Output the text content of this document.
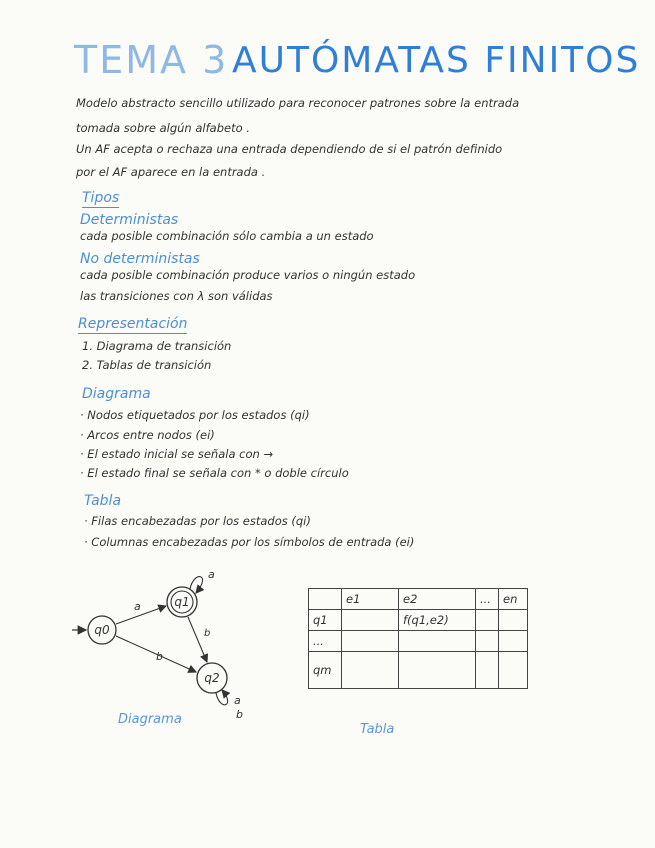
TEMA 3 AUTÓMATAS FINITOS
Modelo abstracto sencillo utilizado para reconocer patrones sobre la entrada
tomada sobre algún alfabeto .
Un AF acepta o rechaza una entrada dependiendo de si el patrón definido
por el AF aparece en la entrada .
Tipos
Deterministas
cada posible combinación sólo cambia a un estado
No deterministas
cada posible combinación produce varios o ningún estado
las transiciones con λ son válidas
Representación
1. Diagrama de transición
2. Tablas de transición
Diagrama
· Nodos etiquetados por los estados (qi)
· Arcos entre nodos (ei)
· El estado inicial se señala con →
· El estado final se señala con * o doble círculo
Tabla
· Filas encabezadas por los estados (qi)
· Columnas encabezadas por los símbolos de entrada (ei)
q0
q1
q2
a
b
b
a
a
b
Diagrama
	e1	e2	...	en
q1		f(q1,e2)		
...				
qm				
Tabla
